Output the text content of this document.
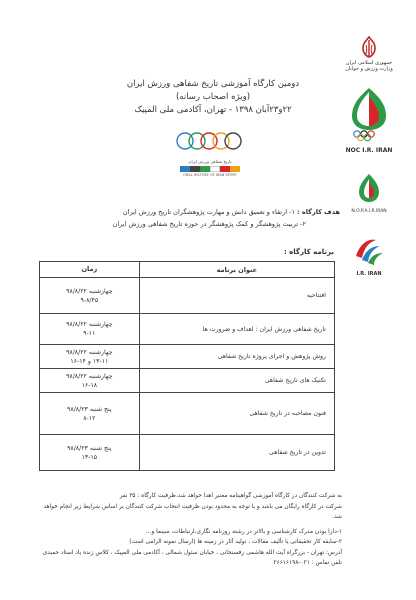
جمهوری اسلامی ایران
وزارت ورزش و جوانان
NOC I.R. IRAN
N.O.P.A.I.R.IRAN
I.R. IRAN
دومین کارگاه آموزشی تاریخ شفاهی ورزش ایران
(ویژه اصحاب رسانه)
۲۲و۲۳آبان ۱۳۹۸ - تهران، آکادمی ملی المپیک
تاریخ شفاهی ورزش ایران
ORAL HISTORY OF IRAN SPORT
هدف کارگاه : ۱- ارتقاء و تعمیق دانش و مهارت پژوهشگران تاریخ ورزش ایران
۲- تربیت پژوهشگر و کمک پژوهشگر در حوزه تاریخ شفاهی ورزش ایران
برنامه کارگاه :
عنوان برنامه	زمان
افتتاحیه	چهارشنبه ۹۸/۸/۲۲
۹-۸/۴۵

تاریخ شفاهی ورزش ایران : اهداف و ضرورت ها	چهارشنبه ۹۸/۸/۲۲
۹-۱۱

روش پژوهش و اجرای پروژه تاریخ شفاهی	چهارشنبه ۹۸/۸/۲۲
۱۳-۱۱ و ۱۴-۱۶

تکنیک های تاریخ شفاهی	چهارشنبه ۹۸/۸/۲۲
۱۶-۱۸

فنون مصاحبه در تاریخ شفاهی	پنج شنبه ۹۸/۸/۲۳
۸-۱۲

تدوین در تاریخ شفاهی	پنج شنبه ۹۸/۸/۲۳
۱۳-۱۵

به شرکت کنندگان در کارگاه آموزشی گواهینامه معتبر اهدا خواهد شد.ظرفیت کارگاه : ۳۵ نفر

شرکت در کارگاه رایگان می باشد و با توجه به محدود بودن ظرفیت انتخاب شرکت کنندگان بر اساس شرایط زیر انجام خواهد شد.

۱-دارا بودن مدرک کارشناسی و بالاتر در رشته روزنامه نگاری،ارتباطات، سینما و...

۲-سابقه کار تحقیقاتی یا تألیف مقالات ، تولید آثار در زمینه ها (ارسال نمونه الزامی است)

آدرس: تهران - بزرگراه آیت الله هاشمی رفسنجانی ، خیابان سئول شمالی ، آکادمی ملی المپیک ، کلاس زنده یاد استاد حمیدی

تلفن تماس : ۰۲۱-۲۶۶۱۶۱۹۸
